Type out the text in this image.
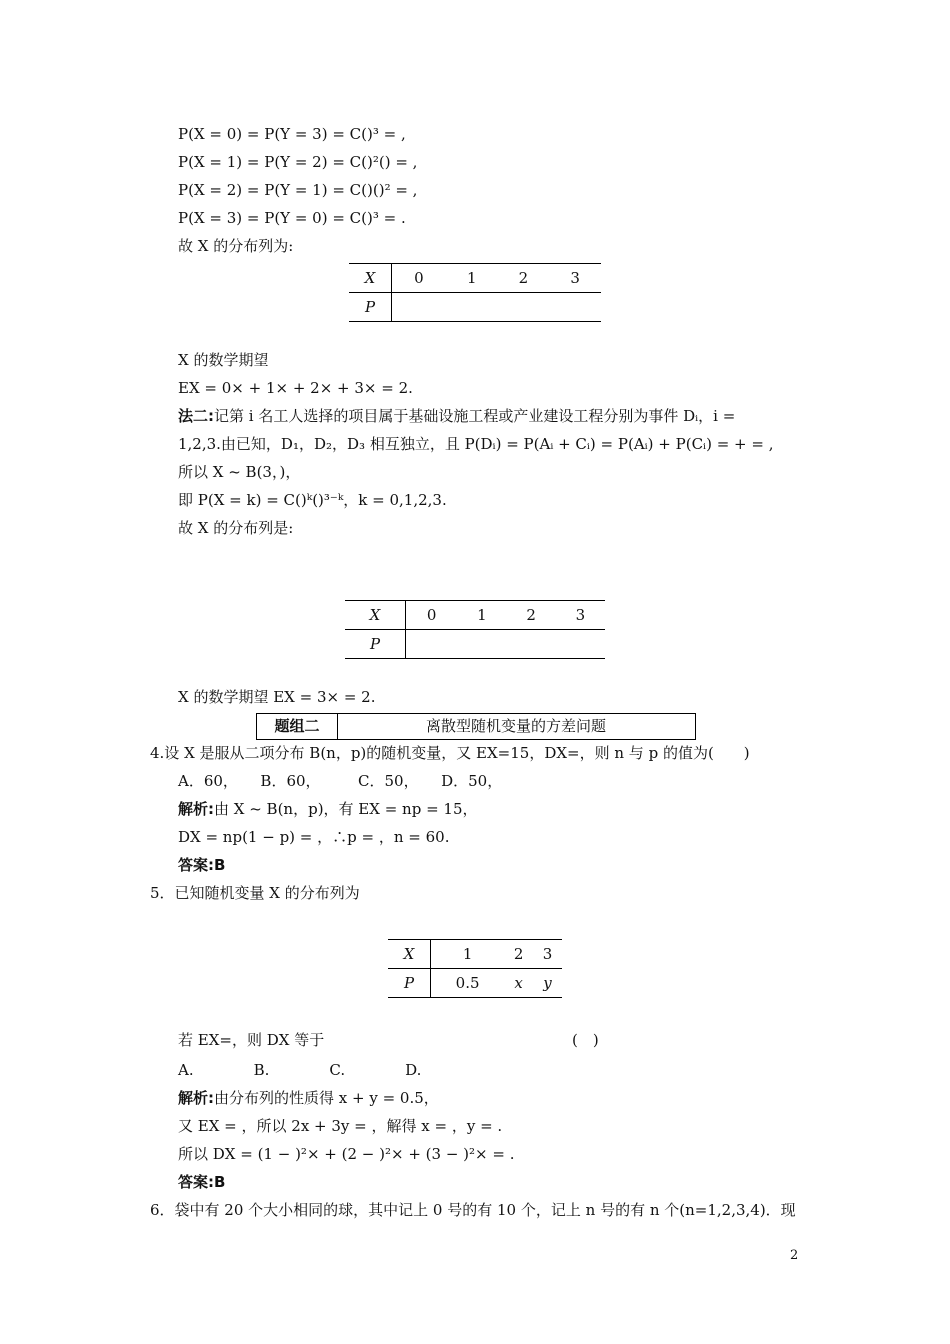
P(X = 0) = P(Y = 3) = C()³ = ,
P(X = 1) = P(Y = 2) = C()²() = ,
P(X = 2) = P(Y = 1) = C()()² = ,
P(X = 3) = P(Y = 0) = C()³ = .
故 X 的分布列为:
X	0	1	2	3
P				
X 的数学期望
EX = 0× + 1× + 2× + 3× = 2.
法二:记第 i 名工人选择的项目属于基础设施工程或产业建设工程分别为事件 Dᵢ，i =
1,2,3.由已知，D₁，D₂，D₃ 相互独立，且 P(Dᵢ) = P(Aᵢ + Cᵢ) = P(Aᵢ) + P(Cᵢ) = + = ,
所以 X ~ B(3，)，
即 P(X = k) = C()ᵏ()³⁻ᵏ，k = 0,1,2,3.
故 X 的分布列是:
X	0	1	2	3
P				
X 的数学期望 EX = 3× = 2.
题组二	离散型随机变量的方差问题
4.设 X 是服从二项分布 B(n，p)的随机变量，又 EX=15，DX=，则 n 与 p 的值为(　　)
A．60，　　B．60，　　　C．50，　　D．50，
解析:由 X ~ B(n，p)，有 EX = np = 15，
DX = np(1 − p) = ，∴p = ，n = 60.
答案:B
5．已知随机变量 X 的分布列为
X	1	2	3
P	0.5	x	y
若 EX=，则 DX 等于	(　)
A.　　　　B.　　　　C.　　　　D.
解析:由分布列的性质得 x + y = 0.5，
又 EX = ，所以 2x + 3y = ，解得 x = ，y = .
所以 DX = (1 − )²× + (2 − )²× + (3 − )²× = .
答案:B
6．袋中有 20 个大小相同的球，其中记上 0 号的有 10 个，记上 n 号的有 n 个(n=1,2,3,4)．现
2
